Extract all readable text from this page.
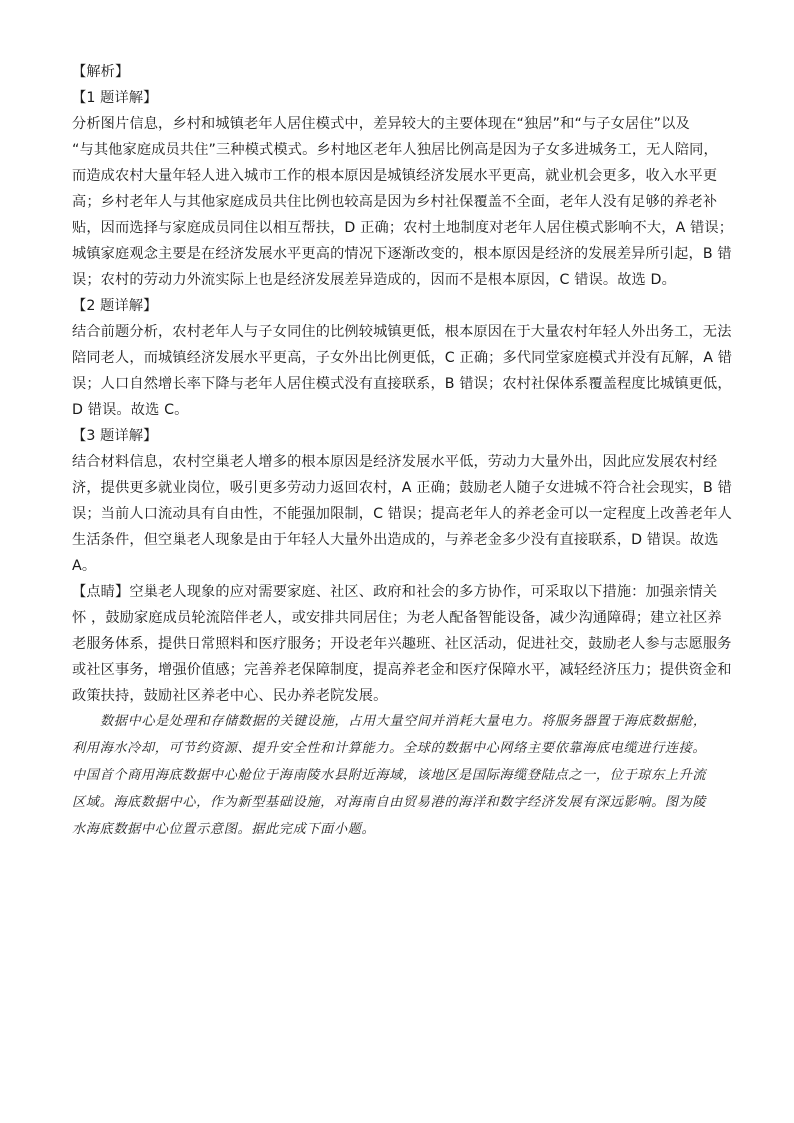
【解析】
【1 题详解】
分析图片信息，乡村和城镇老年人居住模式中，差异较大的主要体现在“独居”和“与子女居住”以及
“与其他家庭成员共住”三种模式模式。乡村地区老年人独居比例高是因为子女多进城务工，无人陪同，
而造成农村大量年轻人进入城市工作的根本原因是城镇经济发展水平更高，就业机会更多，收入水平更
高；乡村老年人与其他家庭成员共住比例也较高是因为乡村社保覆盖不全面，老年人没有足够的养老补
贴，因而选择与家庭成员同住以相互帮扶，D 正确；农村土地制度对老年人居住模式影响不大，A 错误；
城镇家庭观念主要是在经济发展水平更高的情况下逐渐改变的，根本原因是经济的发展差异所引起，B 错
误；农村的劳动力外流实际上也是经济发展差异造成的，因而不是根本原因，C 错误。故选 D。
【2 题详解】
结合前题分析，农村老年人与子女同住的比例较城镇更低，根本原因在于大量农村年轻人外出务工，无法
陪同老人，而城镇经济发展水平更高，子女外出比例更低，C 正确；多代同堂家庭模式并没有瓦解，A 错
误；人口自然增长率下降与老年人居住模式没有直接联系，B 错误；农村社保体系覆盖程度比城镇更低，
D 错误。故选 C。
【3 题详解】
结合材料信息，农村空巢老人增多的根本原因是经济发展水平低，劳动力大量外出，因此应发展农村经
济，提供更多就业岗位，吸引更多劳动力返回农村，A 正确；鼓励老人随子女进城不符合社会现实，B 错
误；当前人口流动具有自由性，不能强加限制，C 错误；提高老年人的养老金可以一定程度上改善老年人
生活条件，但空巢老人现象是由于年轻人大量外出造成的，与养老金多少没有直接联系，D 错误。故选
A。
【点睛】空巢老人现象的应对需要家庭、社区、政府和社会的多方协作，可采取以下措施：加强亲情关
怀 ，鼓励家庭成员轮流陪伴老人，或安排共同居住；为老人配备智能设备，减少沟通障碍；建立社区养
老服务体系，提供日常照料和医疗服务；开设老年兴趣班、社区活动，促进社交，鼓励老人参与志愿服务
或社区事务，增强价值感；完善养老保障制度，提高养老金和医疗保障水平，减轻经济压力；提供资金和
政策扶持，鼓励社区养老中心、民办养老院发展。
数据中心是处理和存储数据的关键设施，占用大量空间并消耗大量电力。将服务器置于海底数据舱，
利用海水冷却，可节约资源、提升安全性和计算能力。全球的数据中心网络主要依靠海底电缆进行连接。
中国首个商用海底数据中心舱位于海南陵水县附近海域，该地区是国际海缆登陆点之一，位于琼东上升流
区域。海底数据中心，作为新型基础设施，对海南自由贸易港的海洋和数字经济发展有深远影响。图为陵
水海底数据中心位置示意图。据此完成下面小题。
